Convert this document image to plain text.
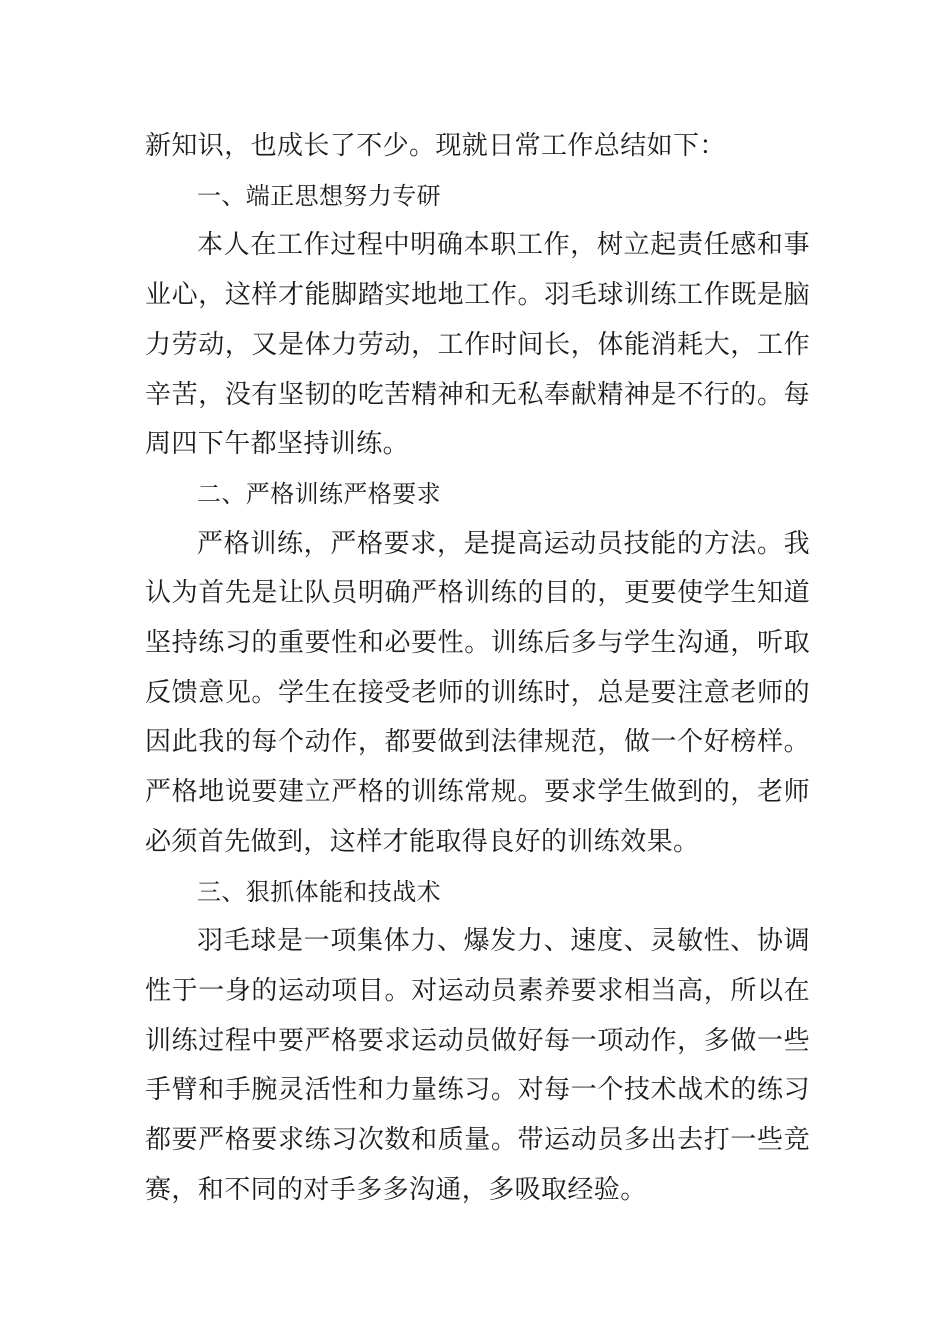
新知识，也成长了不少。现就日常工作总结如下：

一、端正思想努力专研

本人在工作过程中明确本职工作，树立起责任感和事业心，这样才能脚踏实地地工作。羽毛球训练工作既是脑力劳动，又是体力劳动，工作时间长，体能消耗大，工作辛苦，没有坚韧的吃苦精神和无私奉献精神是不行的。每周四下午都坚持训练。

二、严格训练严格要求

严格训练，严格要求，是提高运动员技能的方法。我认为首先是让队员明确严格训练的目的，更要使学生知道坚持练习的重要性和必要性。训练后多与学生沟通，听取反馈意见。学生在接受老师的训练时，总是要注意老师的因此我的每个动作，都要做到法律规范，做一个好榜样。严格地说要建立严格的训练常规。要求学生做到的，老师必须首先做到，这样才能取得良好的训练效果。

三、狠抓体能和技战术

羽毛球是一项集体力、爆发力、速度、灵敏性、协调性于一身的运动项目。对运动员素养要求相当高，所以在训练过程中要严格要求运动员做好每一项动作，多做一些手臂和手腕灵活性和力量练习。对每一个技术战术的练习都要严格要求练习次数和质量。带运动员多出去打一些竞赛，和不同的对手多多沟通，多吸取经验。
